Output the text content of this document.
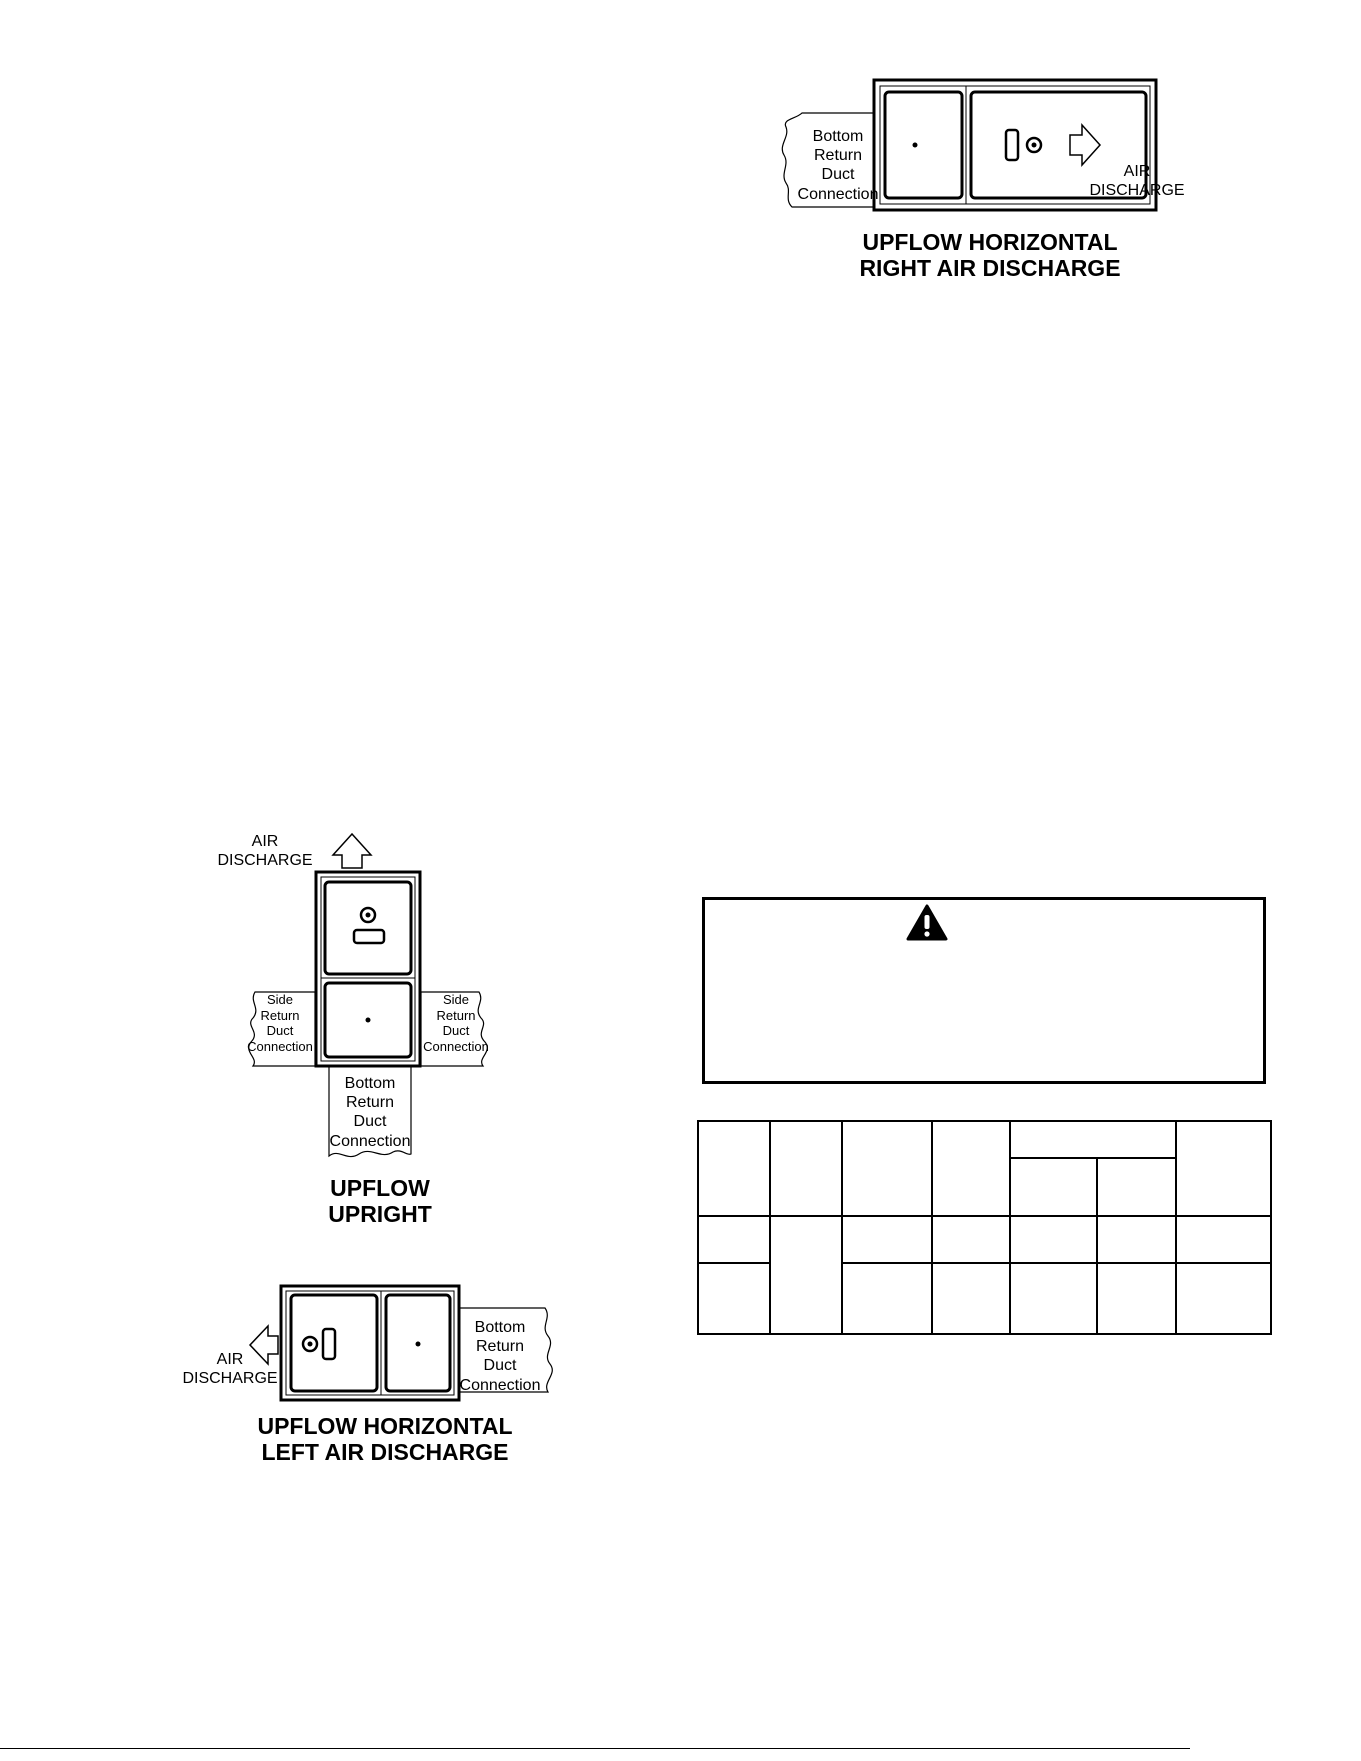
Bottom
Return
Duct
Connection
AIR
DISCHARGE
UPFLOW HORIZONTAL
RIGHT AIR DISCHARGE
AIR
DISCHARGE
Side
Return
Duct
Connection
Side
Return
Duct
Connection
Bottom
Return
Duct
Connection
UPFLOW
UPRIGHT
AIR
DISCHARGE
Bottom
Return
Duct
Connection
UPFLOW HORIZONTAL
LEFT AIR DISCHARGE
